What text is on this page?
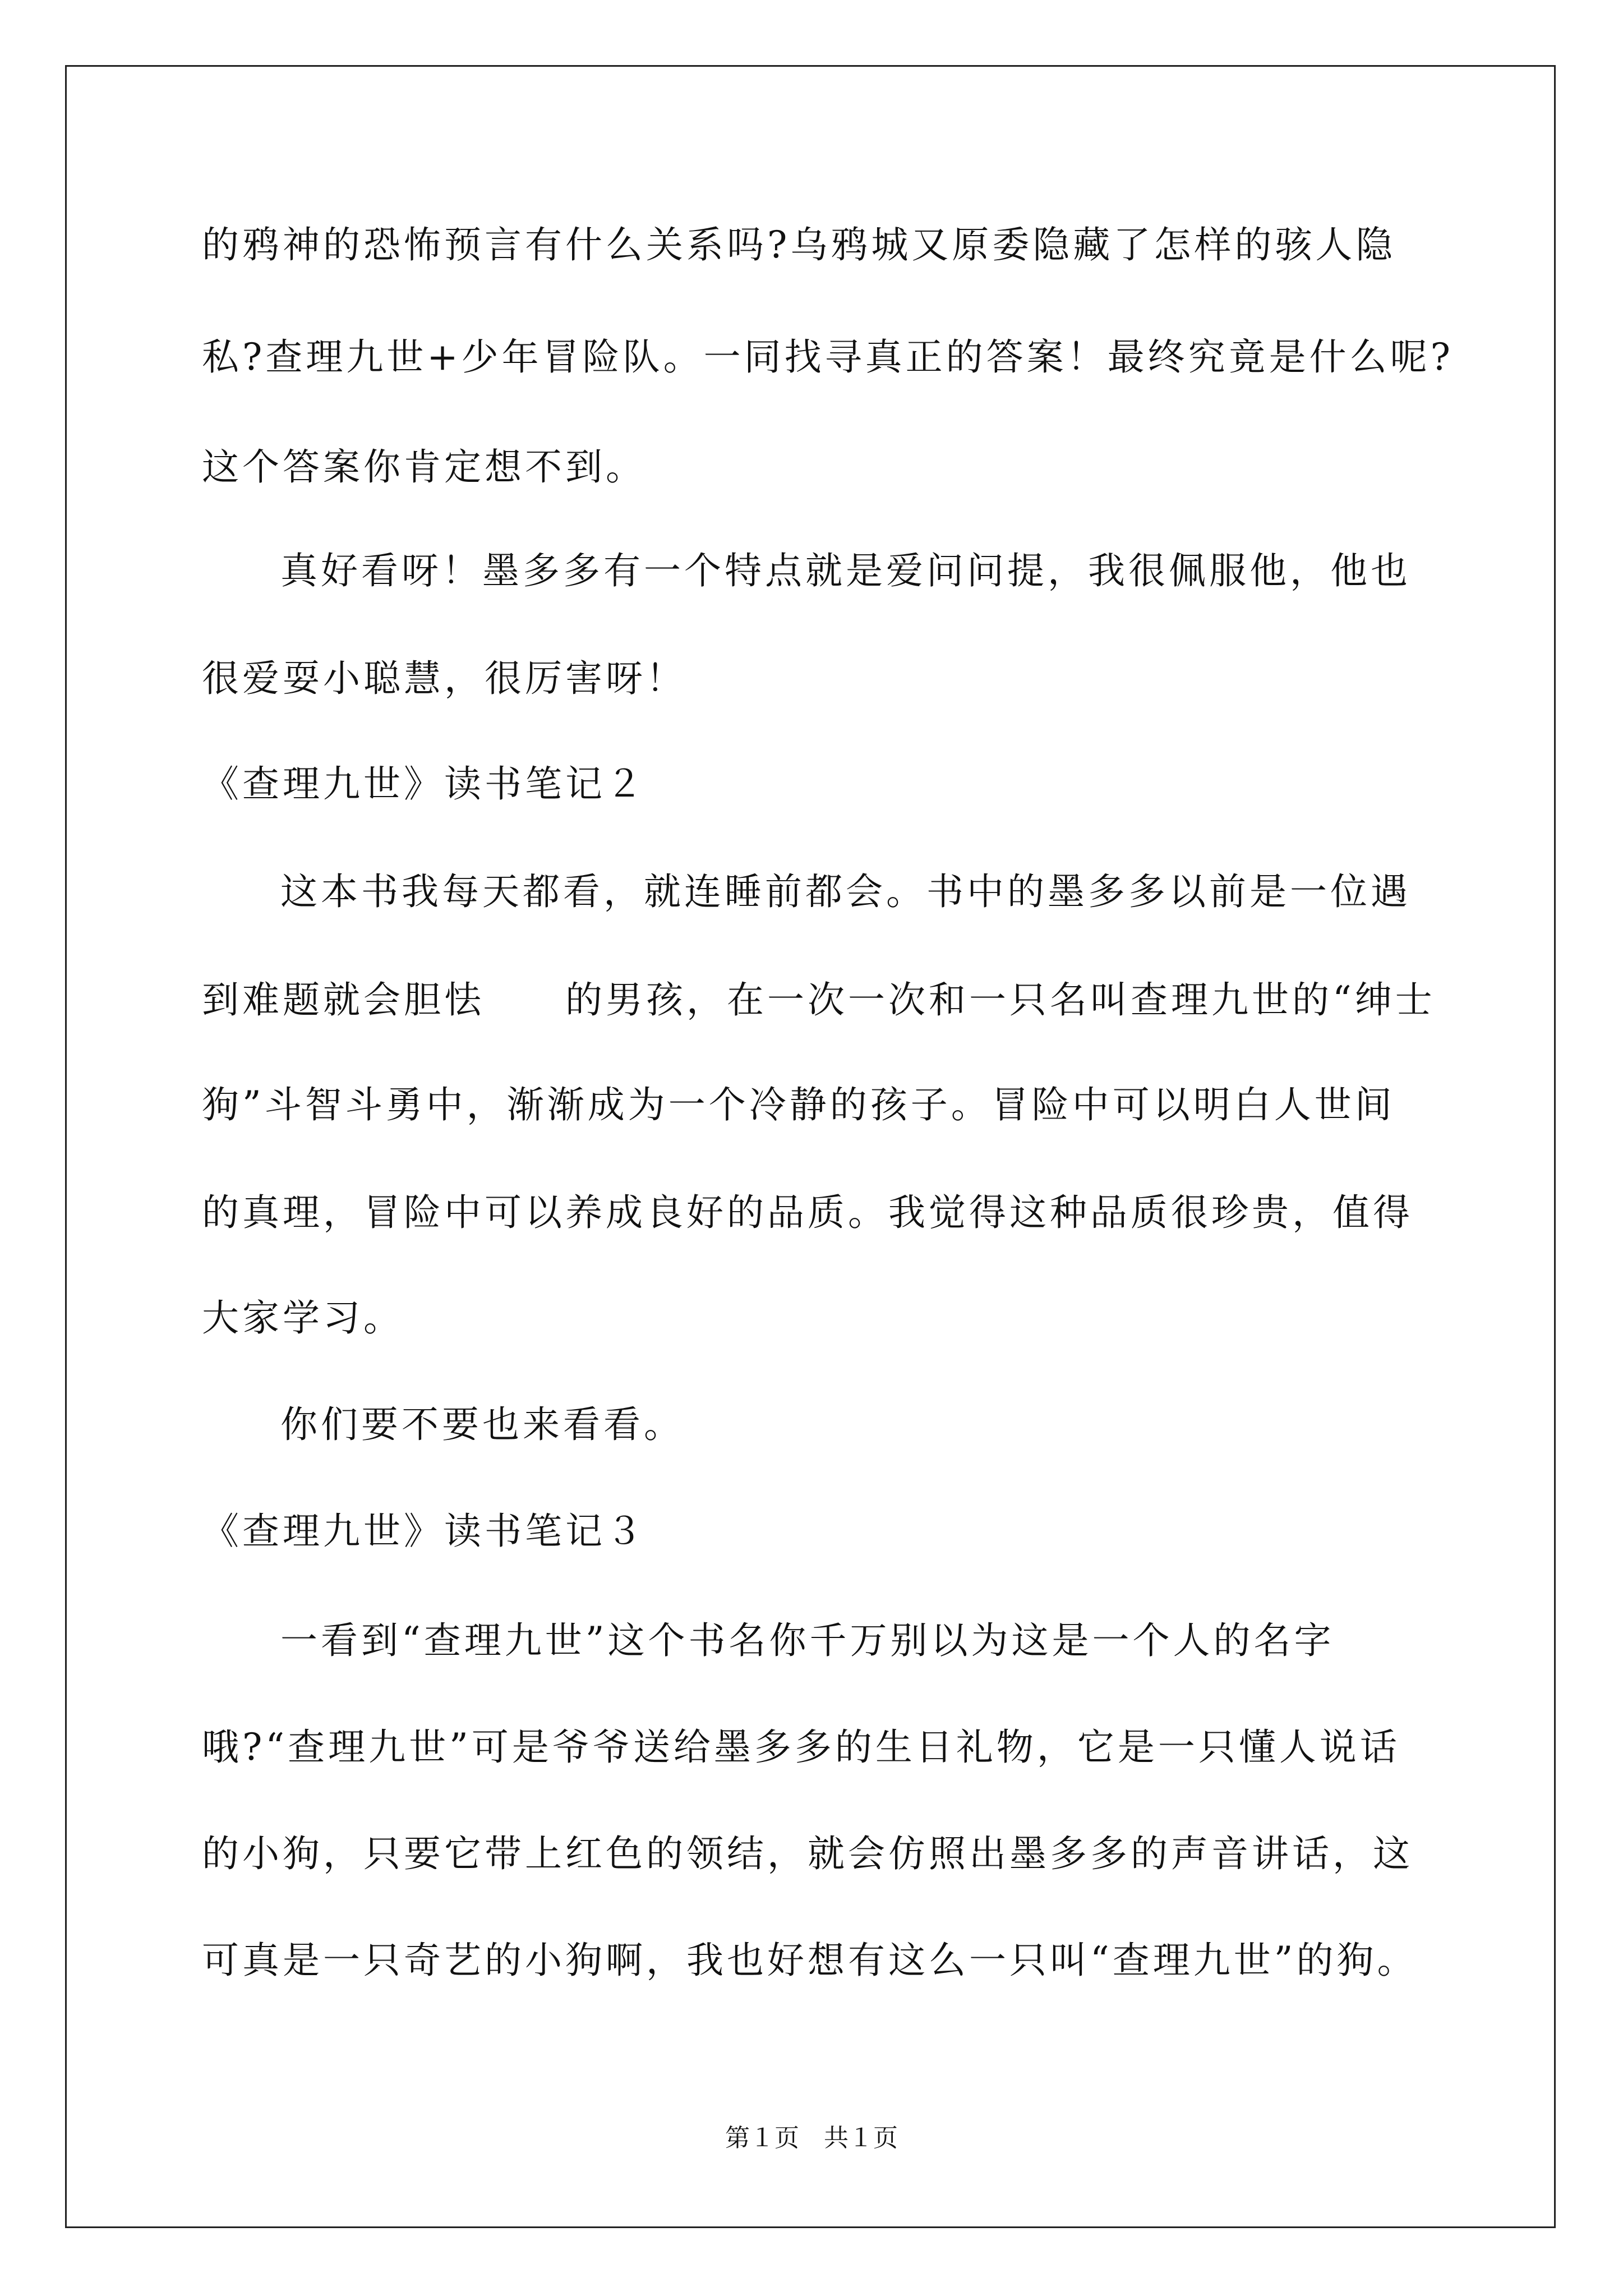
的鸦神的恐怖预言有什么关系吗?乌鸦城又原委隐藏了怎样的骇人隐
私?查理九世+少年冒险队。一同找寻真正的答案！最终究竟是什么呢?
这个答案你肯定想不到。
真好看呀！墨多多有一个特点就是爱问问提，我很佩服他，他也
很爱耍小聪慧，很厉害呀！
《查理九世》读书笔记２
这本书我每天都看，就连睡前都会。书中的墨多多以前是一位遇
到难题就会胆怯　　的男孩，在一次一次和一只名叫查理九世的“绅士
狗”斗智斗勇中，渐渐成为一个冷静的孩子。冒险中可以明白人世间
的真理，冒险中可以养成良好的品质。我觉得这种品质很珍贵，值得
大家学习。
你们要不要也来看看。
《查理九世》读书笔记３
一看到“查理九世”这个书名你千万别以为这是一个人的名字
哦?“查理九世”可是爷爷送给墨多多的生日礼物，它是一只懂人说话
的小狗，只要它带上红色的领结，就会仿照出墨多多的声音讲话，这
可真是一只奇艺的小狗啊，我也好想有这么一只叫“查理九世”的狗。
第１页　共１页
